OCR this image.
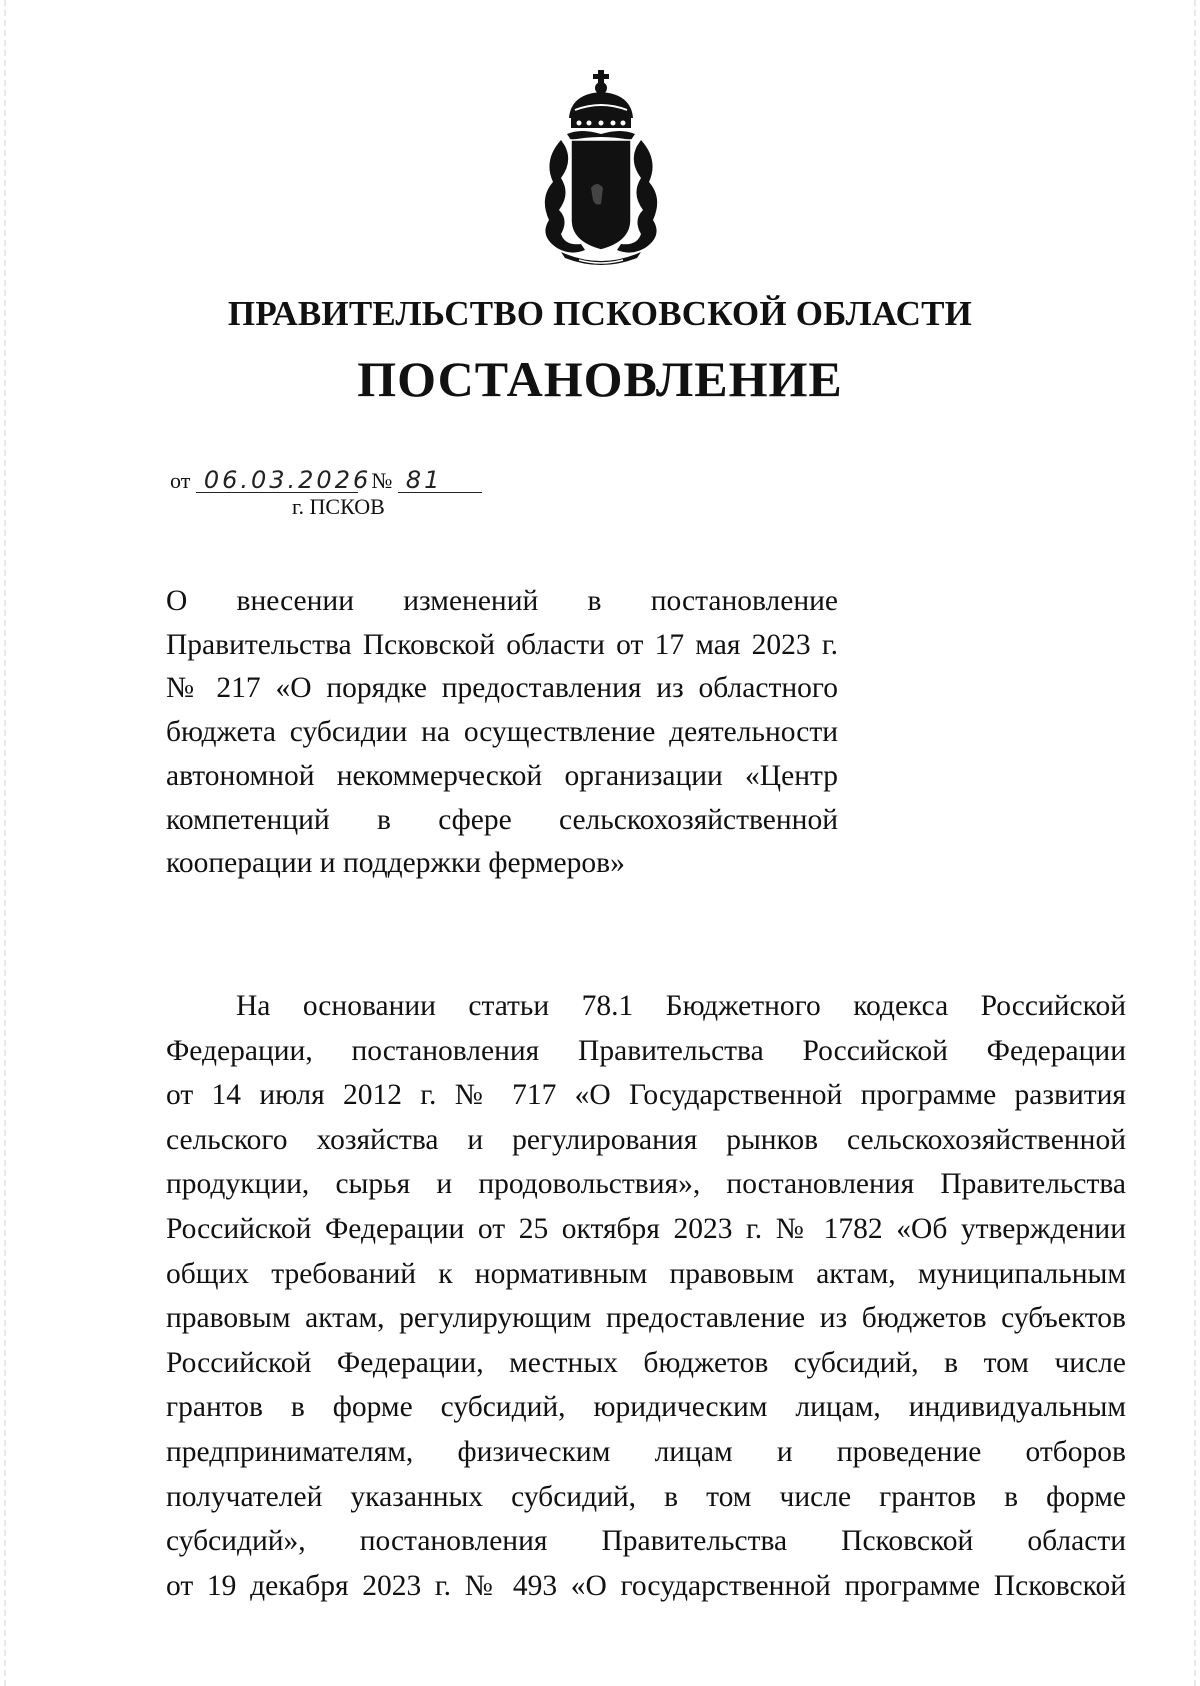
ПРАВИТЕЛЬСТВО ПСКОВСКОЙ ОБЛАСТИ
ПОСТАНОВЛЕНИЕ
от 06.03.2026 № 81
г. ПСКОВ
О внесении изменений в постановление
Правительства Псковской области от 17 мая 2023 г.
№ 217 «О порядке предоставления из областного
бюджета субсидии на осуществление деятельности
автономной некоммерческой организации «Центр
компетенций в сфере сельскохозяйственной
кооперации и поддержки фермеров»
На основании статьи 78.1 Бюджетного кодекса Российской
Федерации, постановления Правительства Российской Федерации
от 14 июля 2012 г. № 717 «О Государственной программе развития
сельского хозяйства и регулирования рынков сельскохозяйственной
продукции, сырья и продовольствия», постановления Правительства
Российской Федерации от 25 октября 2023 г. № 1782 «Об утверждении
общих требований к нормативным правовым актам, муниципальным
правовым актам, регулирующим предоставление из бюджетов субъектов
Российской Федерации, местных бюджетов субсидий, в том числе
грантов в форме субсидий, юридическим лицам, индивидуальным
предпринимателям, физическим лицам и проведение отборов
получателей указанных субсидий, в том числе грантов в форме
субсидий», постановления Правительства Псковской области
от 19 декабря 2023 г. № 493 «О государственной программе Псковской
